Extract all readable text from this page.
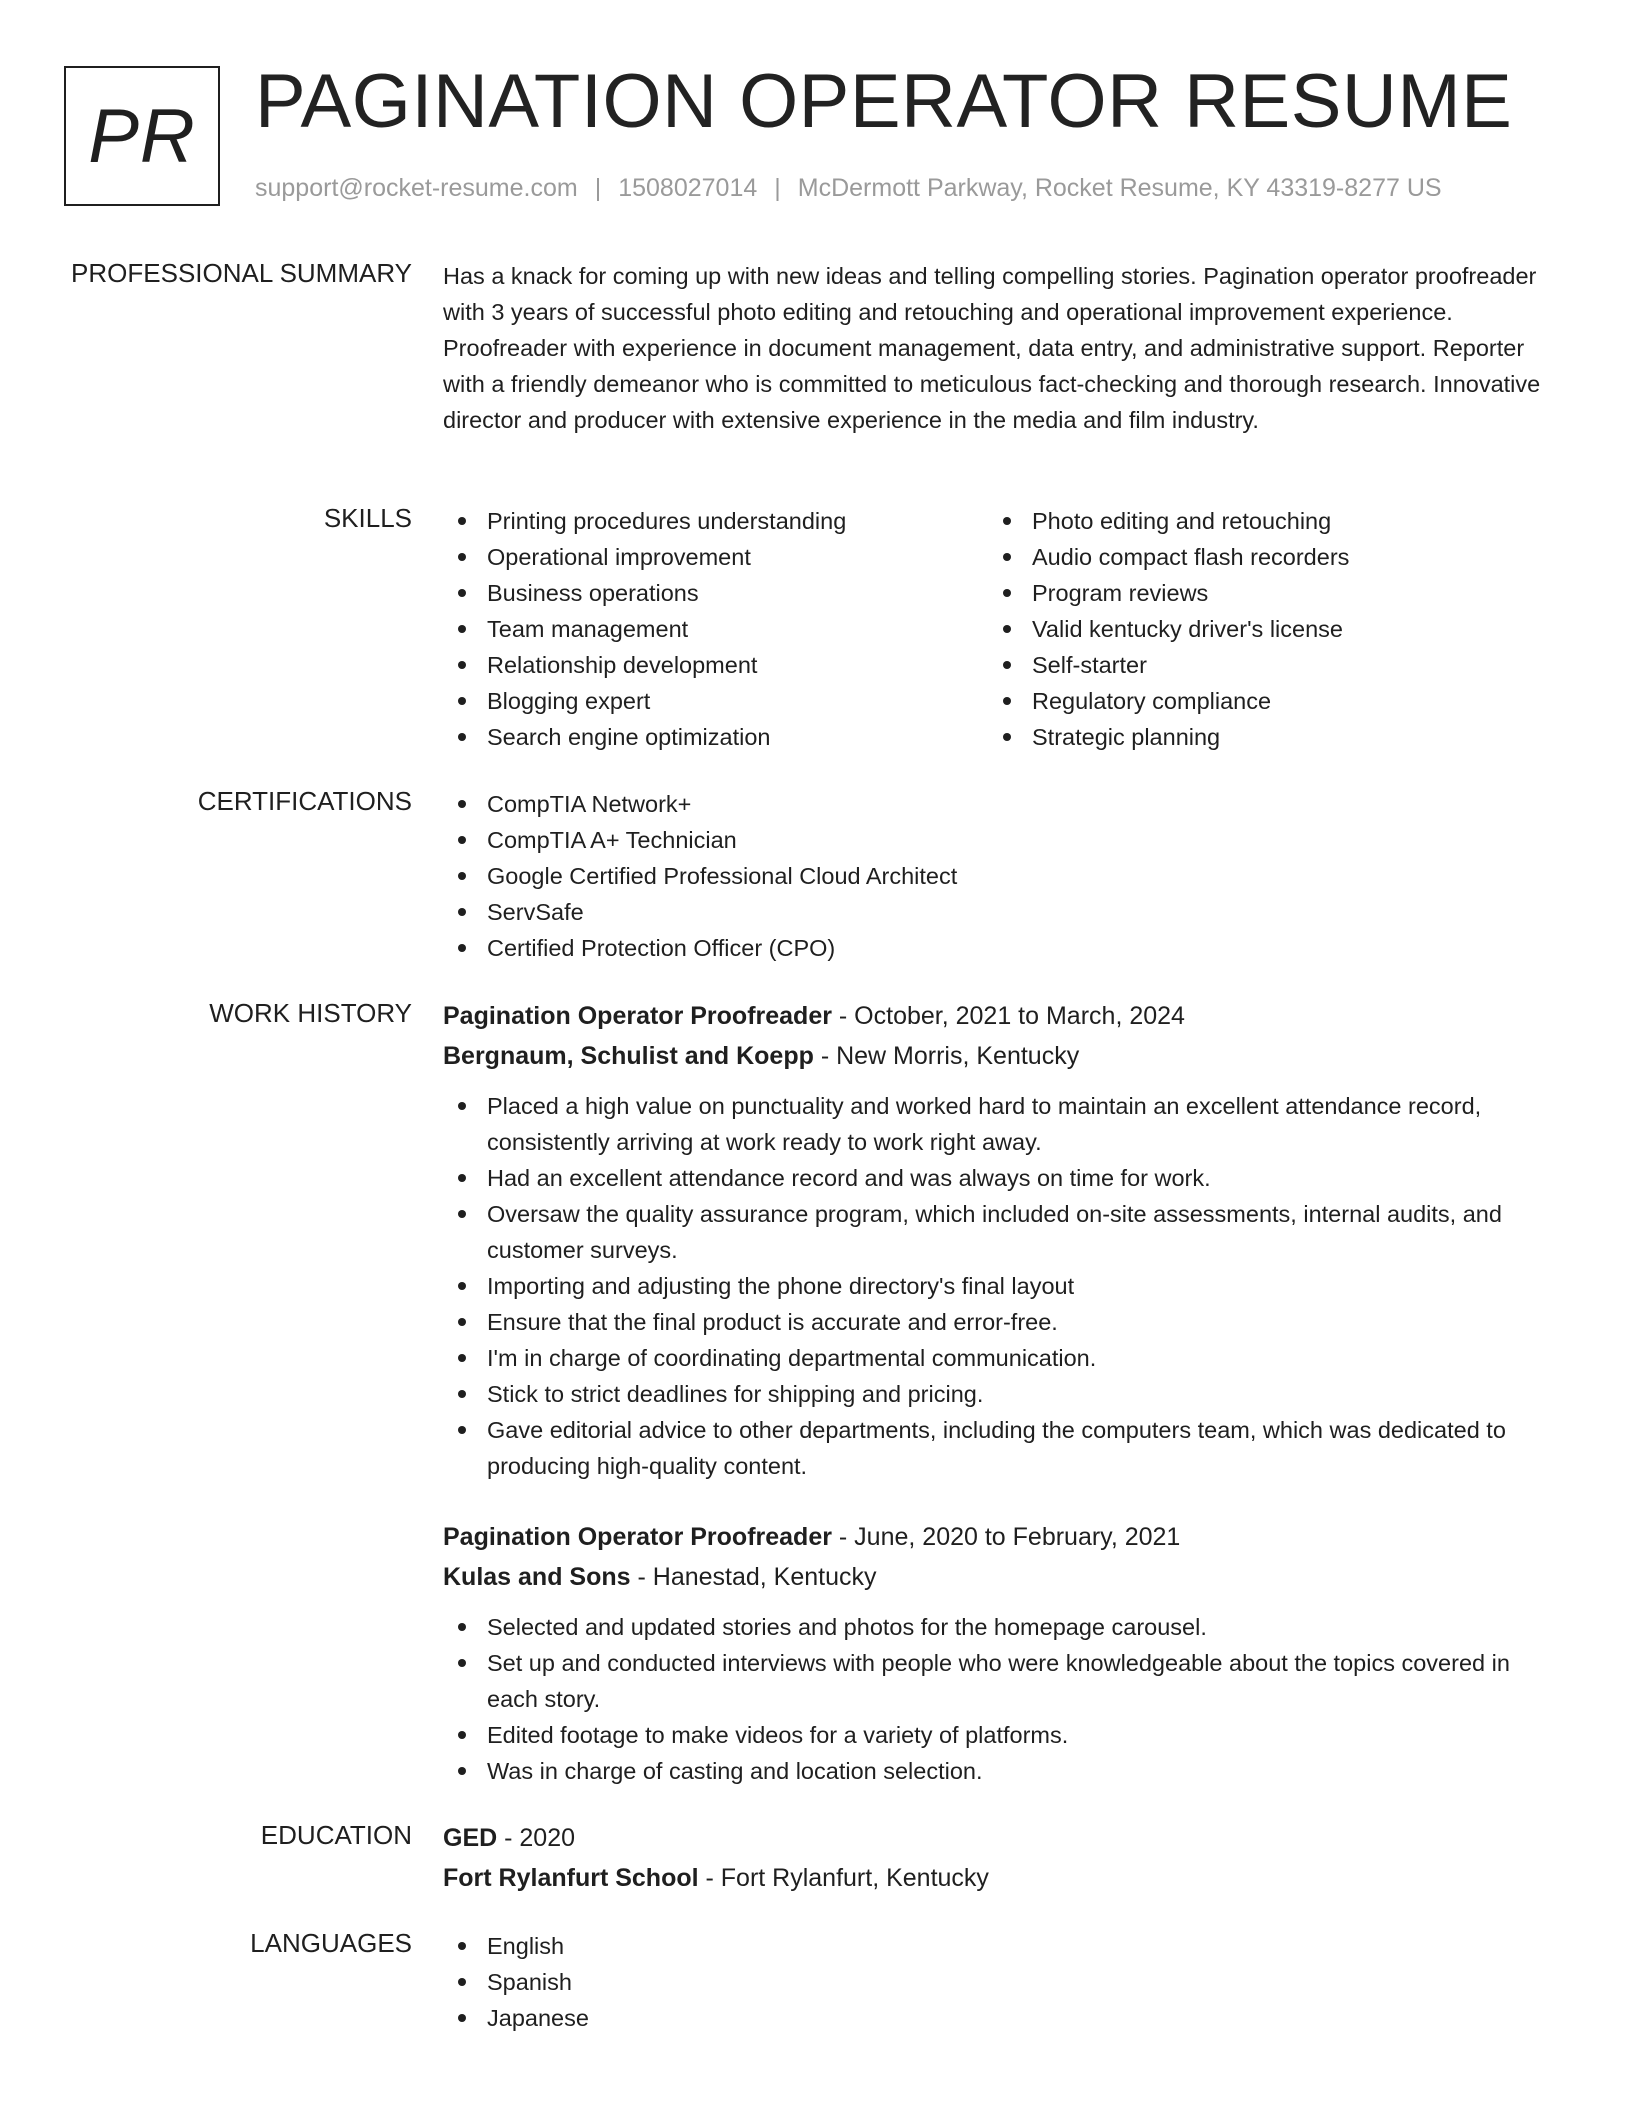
PR PAGINATION OPERATOR RESUME
support@rocket-resume.com | 1508027014 | McDermott Parkway, Rocket Resume, KY 43319-8277 US
PROFESSIONAL SUMMARY Has a knack for coming up with new ideas and telling compelling stories. Pagination operator proofreader with 3 years of successful photo editing and retouching and operational improvement experience. Proofreader with experience in document management, data entry, and administrative support. Reporter with a friendly demeanor who is committed to meticulous fact-checking and thorough research. Innovative director and producer with extensive experience in the media and film industry.

SKILLS	Printing procedures understanding
Operational improvement
Business operations
Team management
Relationship development
Blogging expert
Search engine optimization
Photo editing and retouching
Audio compact flash recorders
Program reviews
Valid kentucky driver's license
Self-starter
Regulatory compliance
Strategic planning
CERTIFICATIONS	CompTIA Network+
CompTIA A+ Technician
Google Certified Professional Cloud Architect
ServSafe
Certified Protection Officer (CPO)
WORK HISTORY Pagination Operator Proofreader - October, 2021 to March, 2024
Bergnaum, Schulist and Koepp - New Morris, Kentucky
Placed a high value on punctuality and worked hard to maintain an excellent attendance record, consistently arriving at work ready to work right away.
Had an excellent attendance record and was always on time for work.
Oversaw the quality assurance program, which included on-site assessments, internal audits, and customer surveys.
Importing and adjusting the phone directory's final layout
Ensure that the final product is accurate and error-free.
I'm in charge of coordinating departmental communication.
Stick to strict deadlines for shipping and pricing.
Gave editorial advice to other departments, including the computers team, which was dedicated to producing high-quality content.
Pagination Operator Proofreader - June, 2020 to February, 2021
Kulas and Sons - Hanestad, Kentucky
Selected and updated stories and photos for the homepage carousel.
Set up and conducted interviews with people who were knowledgeable about the topics covered in each story.
Edited footage to make videos for a variety of platforms.
Was in charge of casting and location selection.
EDUCATION GED - 2020
Fort Rylanfurt School - Fort Rylanfurt, Kentucky
LANGUAGES	English
Spanish
Japanese
